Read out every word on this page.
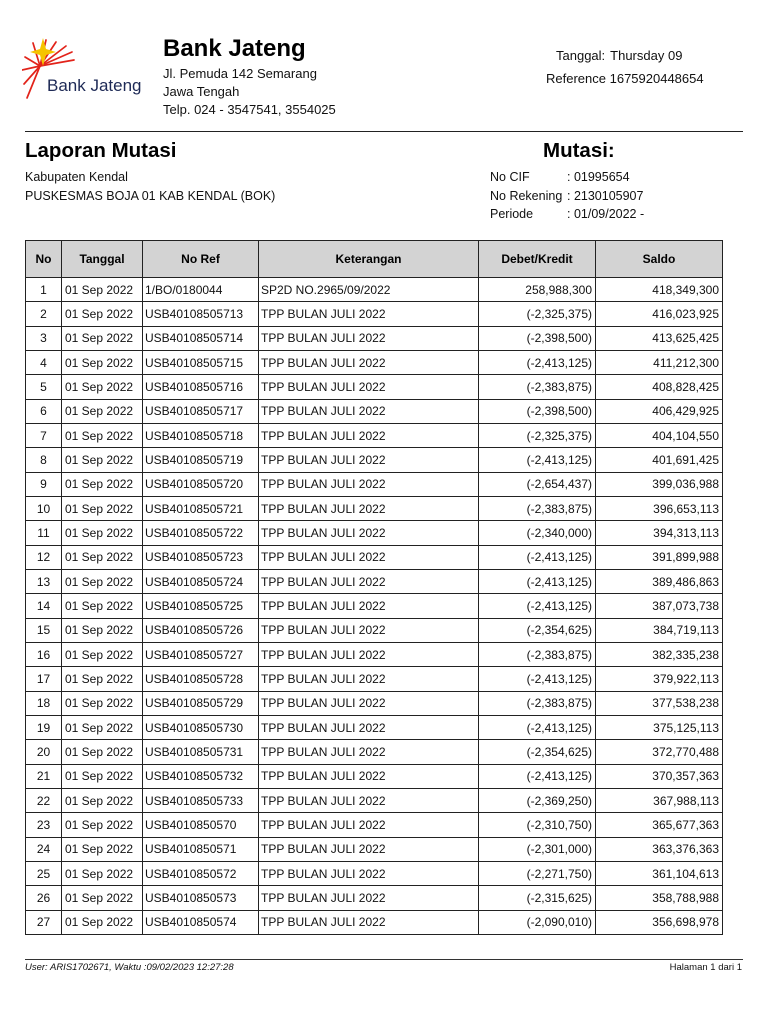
Bank Jateng
Bank Jateng
Jl. Pemuda 142 Semarang
Jawa Tengah
Telp. 024 - 3547541, 3554025
Tanggal: Thursday 09
Reference 1675920448654
Laporan Mutasi	Mutasi:
Kabupaten Kendal
PUSKESMAS BOJA 01 KAB KENDAL (BOK)
No CIF	: 01995654
No Rekening : 2130105907
Periode	: 01/09/2022 -
No	Tanggal	No Ref	Keterangan	Debet/Kredit	Saldo
1	01 Sep 2022	1/BO/0180044	SP2D NO.2965/09/2022	258,988,300	418,349,300
2	01 Sep 2022	USB40108505713	TPP BULAN JULI 2022	(-2,325,375)	416,023,925
3	01 Sep 2022	USB40108505714	TPP BULAN JULI 2022	(-2,398,500)	413,625,425
4	01 Sep 2022	USB40108505715	TPP BULAN JULI 2022	(-2,413,125)	411,212,300
5	01 Sep 2022	USB40108505716	TPP BULAN JULI 2022	(-2,383,875)	408,828,425
6	01 Sep 2022	USB40108505717	TPP BULAN JULI 2022	(-2,398,500)	406,429,925
7	01 Sep 2022	USB40108505718	TPP BULAN JULI 2022	(-2,325,375)	404,104,550
8	01 Sep 2022	USB40108505719	TPP BULAN JULI 2022	(-2,413,125)	401,691,425
9	01 Sep 2022	USB40108505720	TPP BULAN JULI 2022	(-2,654,437)	399,036,988
10	01 Sep 2022	USB40108505721	TPP BULAN JULI 2022	(-2,383,875)	396,653,113
11	01 Sep 2022	USB40108505722	TPP BULAN JULI 2022	(-2,340,000)	394,313,113
12	01 Sep 2022	USB40108505723	TPP BULAN JULI 2022	(-2,413,125)	391,899,988
13	01 Sep 2022	USB40108505724	TPP BULAN JULI 2022	(-2,413,125)	389,486,863
14	01 Sep 2022	USB40108505725	TPP BULAN JULI 2022	(-2,413,125)	387,073,738
15	01 Sep 2022	USB40108505726	TPP BULAN JULI 2022	(-2,354,625)	384,719,113
16	01 Sep 2022	USB40108505727	TPP BULAN JULI 2022	(-2,383,875)	382,335,238
17	01 Sep 2022	USB40108505728	TPP BULAN JULI 2022	(-2,413,125)	379,922,113
18	01 Sep 2022	USB40108505729	TPP BULAN JULI 2022	(-2,383,875)	377,538,238
19	01 Sep 2022	USB40108505730	TPP BULAN JULI 2022	(-2,413,125)	375,125,113
20	01 Sep 2022	USB40108505731	TPP BULAN JULI 2022	(-2,354,625)	372,770,488
21	01 Sep 2022	USB40108505732	TPP BULAN JULI 2022	(-2,413,125)	370,357,363
22	01 Sep 2022	USB40108505733	TPP BULAN JULI 2022	(-2,369,250)	367,988,113
23	01 Sep 2022	USB4010850570	TPP BULAN JULI 2022	(-2,310,750)	365,677,363
24	01 Sep 2022	USB4010850571	TPP BULAN JULI 2022	(-2,301,000)	363,376,363
25	01 Sep 2022	USB4010850572	TPP BULAN JULI 2022	(-2,271,750)	361,104,613
26	01 Sep 2022	USB4010850573	TPP BULAN JULI 2022	(-2,315,625)	358,788,988
27	01 Sep 2022	USB4010850574	TPP BULAN JULI 2022	(-2,090,010)	356,698,978
User: ARIS1702671, Waktu :09/02/2023 12:27:28	Halaman 1 dari 1
